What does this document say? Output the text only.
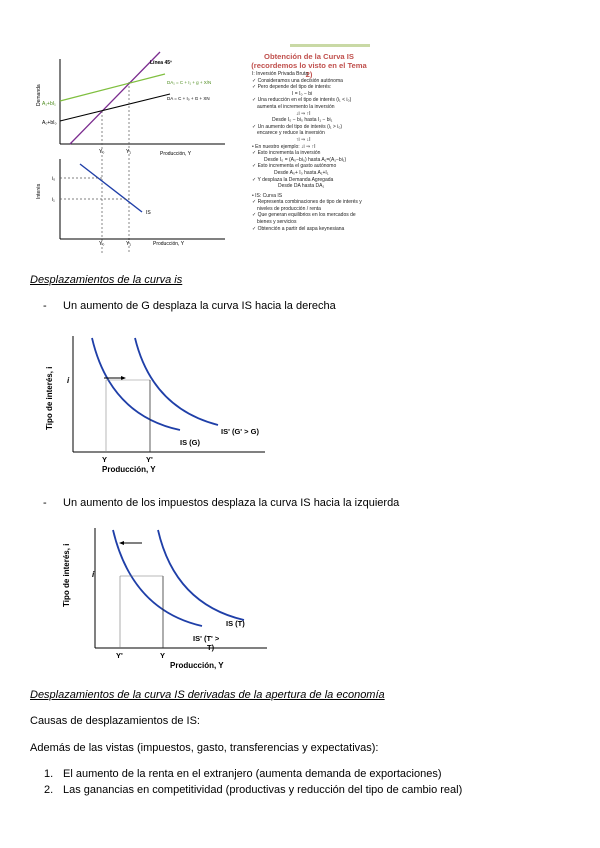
Demanda
Interés
Línea 45º
DA₁ = C + I₁ + g + X/N
DA = C + I₀ + G + XN
A₁+bI₁
A₀+bI₀
Producción, Y
Producción, Y
Y₀	Y₁
Y₀	Y₁
i₀
i₁
IS
Obtención de la Curva IS
(recordemos lo visto en el Tema 2)
I: Inversión Privada Bruta
✓ Consideramos una decisión autónoma
✓ Pero depende del tipo de interés:
I = I₀ − bi
✓ Una reducción en el tipo de interés (i₁ < i₀)
aumenta el incremento la inversión
↓i ⇒ ↑I
Desde I₀ − bi₀ hasta I₁ − bi₁
✓ Un aumento del tipo de interés (i₁ > i₀)
encarece y reduce la inversión
↑i ⇒ ↓I
• En nuestro ejemplo: ↓i ⇒ ↑I
✓ Esto incrementa la inversión
Desde I₀ = (A₀−bi₀) hasta A₁=(A₁−bi₁)
✓ Esto incrementa el gasto autónomo
Desde A₀+ I₀ hasta A₁+I₁
✓ Y desplaza la Demanda Agregada
Desde DA hasta DA₁
• IS: Curva IS
✓ Representa combinaciones de tipo de interés y
niveles de producción / renta
✓ Que generan equilibrios en los mercados de
bienes y servicios
✓ Obtención a partir del aspa keynesiana
Desplazamientos de la curva is
- Un aumento de G desplaza la curva IS hacia la derecha
Tipo de interés, i i
Y	Y'
Producción, Y
IS (G)
IS' (G' > G)
- Un aumento de los impuestos desplaza la curva IS hacia la izquierda
Tipo de interés, i	i
Y'	Y
Producción, Y
IS (T)
IS' (T' >
T)
Desplazamientos de la curva IS derivadas de la apertura de la economía
Causas de desplazamientos de IS:
Además de las vistas (impuestos, gasto, transferencias y expectativas):
1. El aumento de la renta en el extranjero (aumenta demanda de exportaciones)
2. Las ganancias en competitividad (productivas y reducción del tipo de cambio real)
